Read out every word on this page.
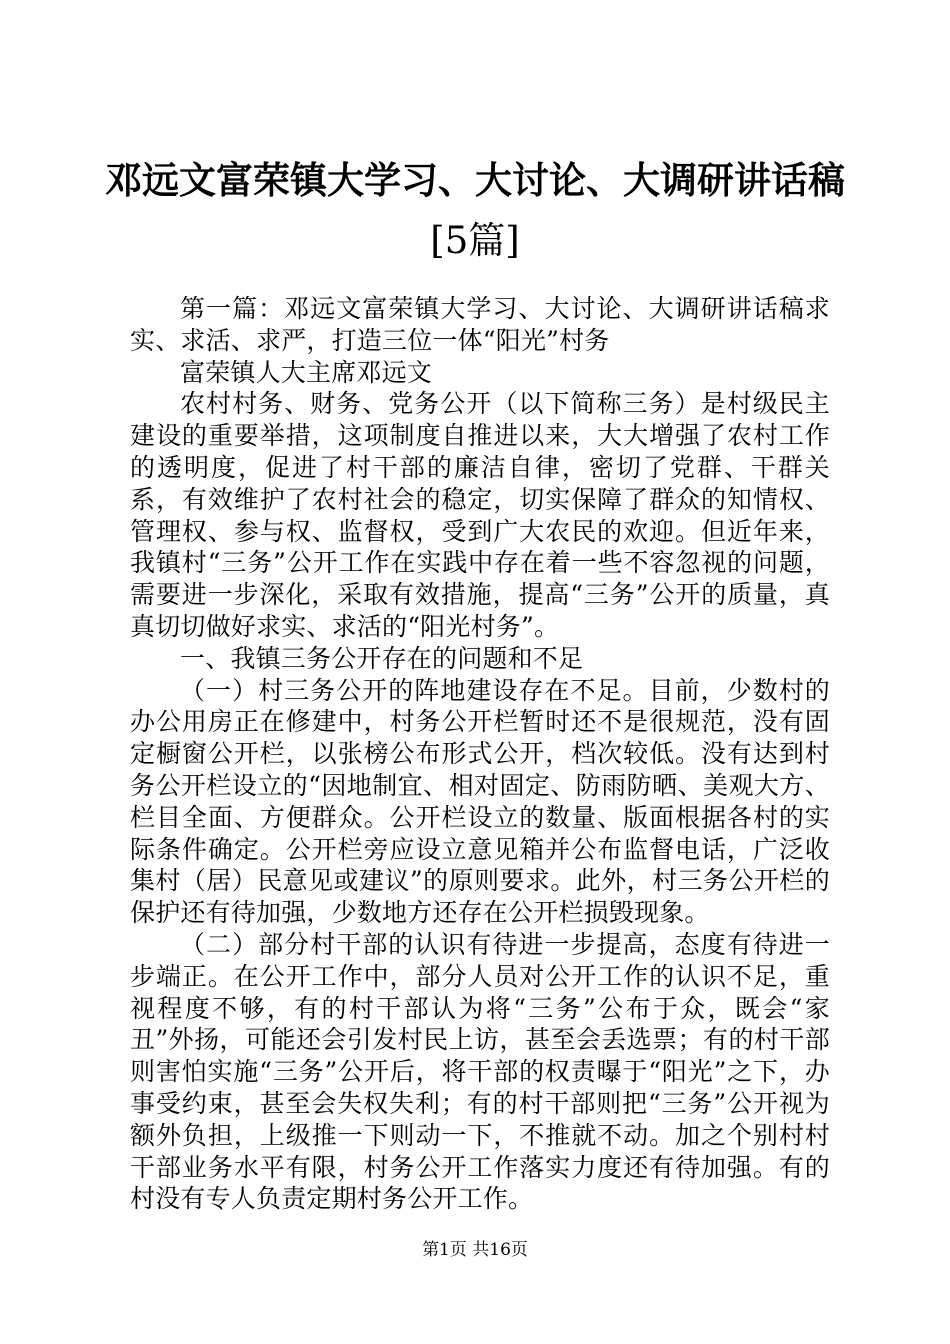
邓远文富荣镇大学习、大讨论、大调研讲话稿
[5篇]

第一篇：邓远文富荣镇大学习、大讨论、大调研讲话稿求实、求活、求严，打造三位一体“阳光”村务

富荣镇人大主席邓远文

农村村务、财务、党务公开（以下简称三务）是村级民主建设的重要举措，这项制度自推进以来，大大增强了农村工作的透明度，促进了村干部的廉洁自律，密切了党群、干群关系，有效维护了农村社会的稳定，切实保障了群众的知情权、管理权、参与权、监督权，受到广大农民的欢迎。但近年来，我镇村“三务”公开工作在实践中存在着一些不容忽视的问题，需要进一步深化，采取有效措施，提高“三务”公开的质量，真真切切做好求实、求活的“阳光村务”。

一、我镇三务公开存在的问题和不足

（一）村三务公开的阵地建设存在不足。目前，少数村的办公用房正在修建中，村务公开栏暂时还不是很规范，没有固定橱窗公开栏，以张榜公布形式公开，档次较低。没有达到村务公开栏设立的“因地制宜、相对固定、防雨防晒、美观大方、栏目全面、方便群众。公开栏设立的数量、版面根据各村的实际条件确定。公开栏旁应设立意见箱并公布监督电话，广泛收集村（居）民意见或建议”的原则要求。此外，村三务公开栏的保护还有待加强，少数地方还存在公开栏损毁现象。

（二）部分村干部的认识有待进一步提高，态度有待进一步端正。在公开工作中，部分人员对公开工作的认识不足，重视程度不够，有的村干部认为将“三务”公布于众，既会“家丑”外扬，可能还会引发村民上访，甚至会丢选票；有的村干部则害怕实施“三务”公开后，将干部的权责曝于“阳光”之下，办事受约束，甚至会失权失利；有的村干部则把“三务”公开视为额外负担，上级推一下则动一下，不推就不动。加之个别村村干部业务水平有限，村务公开工作落实力度还有待加强。有的村没有专人负责定期村务公开工作。

第1页 共16页
